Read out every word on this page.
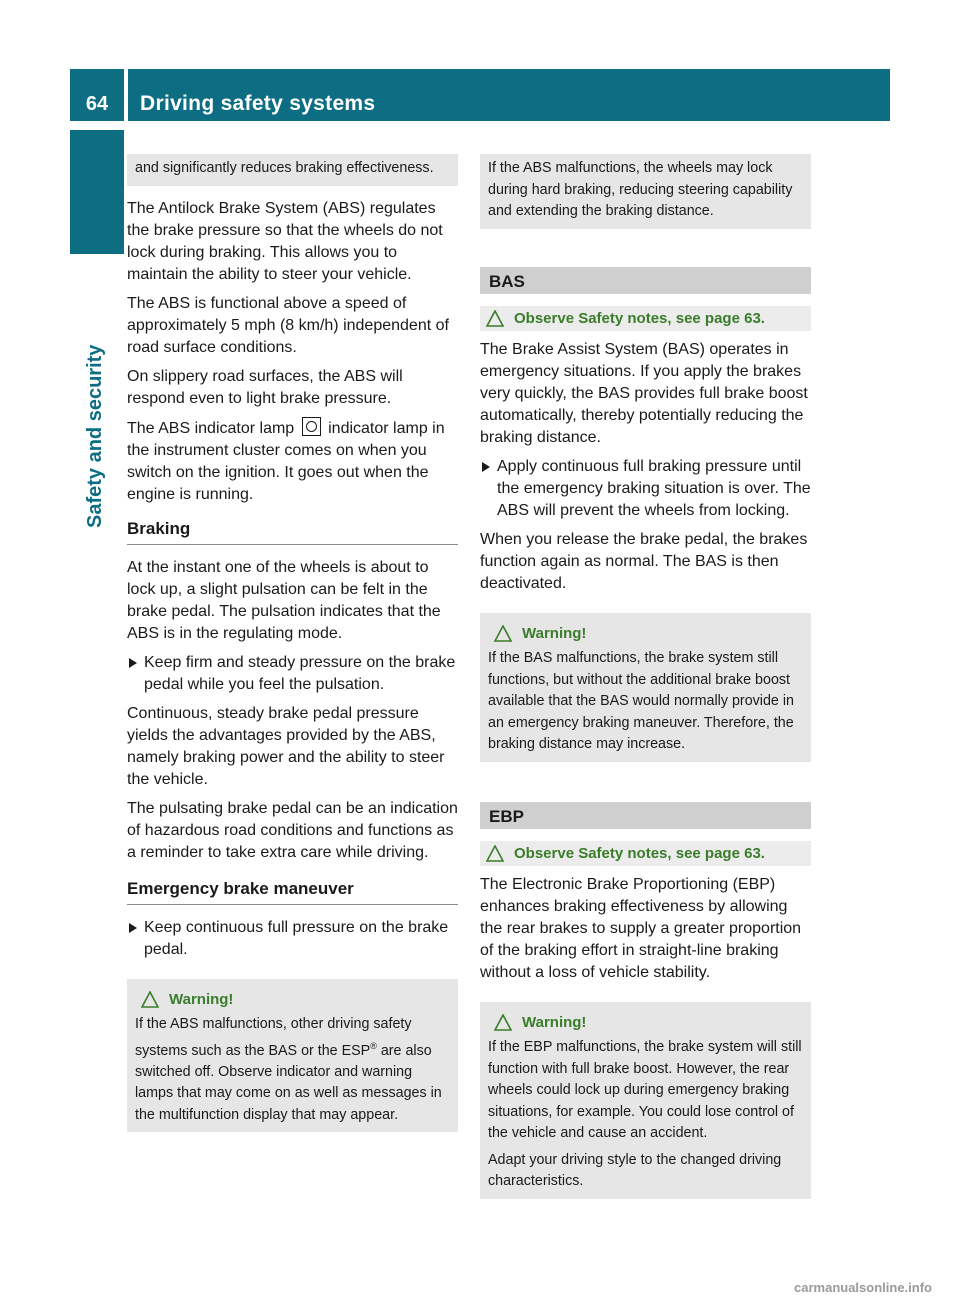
64	Driving safety systems
Safety and security

and significantly reduces braking effectiveness.

The Antilock Brake System (ABS) regulates the brake pressure so that the wheels do not lock during braking. This allows you to maintain the ability to steer your vehicle.

The ABS is functional above a speed of approximately 5 mph (8 km/h) independent of road surface conditions.

On slippery road surfaces, the ABS will respond even to light brake pressure.

The ABS indicator lamp indicator lamp in the instrument cluster comes on when you switch on the ignition. It goes out when the engine is running.

Braking

At the instant one of the wheels is about to lock up, a slight pulsation can be felt in the brake pedal. The pulsation indicates that the ABS is in the regulating mode.

Keep firm and steady pressure on the brake pedal while you feel the pulsation.

Continuous, steady brake pedal pressure yields the advantages provided by the ABS, namely braking power and the ability to steer the vehicle.

The pulsating brake pedal can be an indication of hazardous road conditions and functions as a reminder to take extra care while driving.

Emergency brake maneuver

Keep continuous full pressure on the brake pedal.

Warning!

If the ABS malfunctions, other driving safety systems such as the BAS or the ESP® are also switched off. Observe indicator and warning lamps that may come on as well as messages in the multifunction display that may appear.

If the ABS malfunctions, the wheels may lock during hard braking, reducing steering capability and extending the braking distance.

BAS
Observe Safety notes, see page 63.

The Brake Assist System (BAS) operates in emergency situations. If you apply the brakes very quickly, the BAS provides full brake boost automatically, thereby potentially reducing the braking distance.

Apply continuous full braking pressure until the emergency braking situation is over. The ABS will prevent the wheels from locking.

When you release the brake pedal, the brakes function again as normal. The BAS is then deactivated.

Warning!

If the BAS malfunctions, the brake system still functions, but without the additional brake boost available that the BAS would normally provide in an emergency braking maneuver. Therefore, the braking distance may increase.

EBP
Observe Safety notes, see page 63.

The Electronic Brake Proportioning (EBP) enhances braking effectiveness by allowing the rear brakes to supply a greater proportion of the braking effort in straight-line braking without a loss of vehicle stability.

Warning!

If the EBP malfunctions, the brake system will still function with full brake boost. However, the rear wheels could lock up during emergency braking situations, for example. You could lose control of the vehicle and cause an accident.

Adapt your driving style to the changed driving characteristics.

carmanualsonline.info
